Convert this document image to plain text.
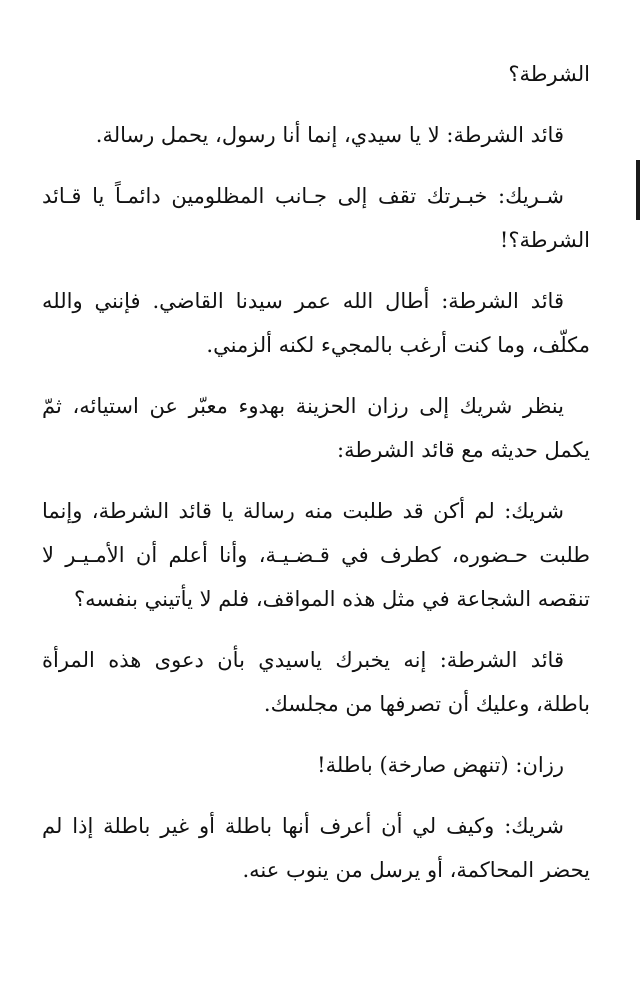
الشرطة؟

قائد الشرطة: لا يا سيدي، إنما أنا رسول، يحمل رسالة.

شـريك: خبـرتك تقف إلى جـانب المظلومين دائمـاً يا قـائد الشرطة؟!

قائد الشرطة: أطال الله عمر سيدنا القاضي. فإنني والله مكلّف، وما كنت أرغب بالمجيء لكنه ألزمني.

ينظر شريك إلى رزان الحزينة بهدوء معبّر عن استيائه، ثمّ يكمل حديثه مع قائد الشرطة:

شريك: لم أكن قد طلبت منه رسالة يا قائد الشرطة، وإنما طلبت حـضوره، كطرف في قـضـيـة، وأنا أعلم أن الأمـيـر لا تنقصه الشجاعة في مثل هذه المواقف، فلم لا يأتيني بنفسه؟

قائد الشرطة: إنه يخبرك ياسيدي بأن دعوى هذه المرأة باطلة، وعليك أن تصرفها من مجلسك.

رزان: (تنهض صارخة) باطلة!

شريك: وكيف لي أن أعرف أنها باطلة أو غير باطلة إذا لم يحضر المحاكمة، أو يرسل من ينوب عنه.
